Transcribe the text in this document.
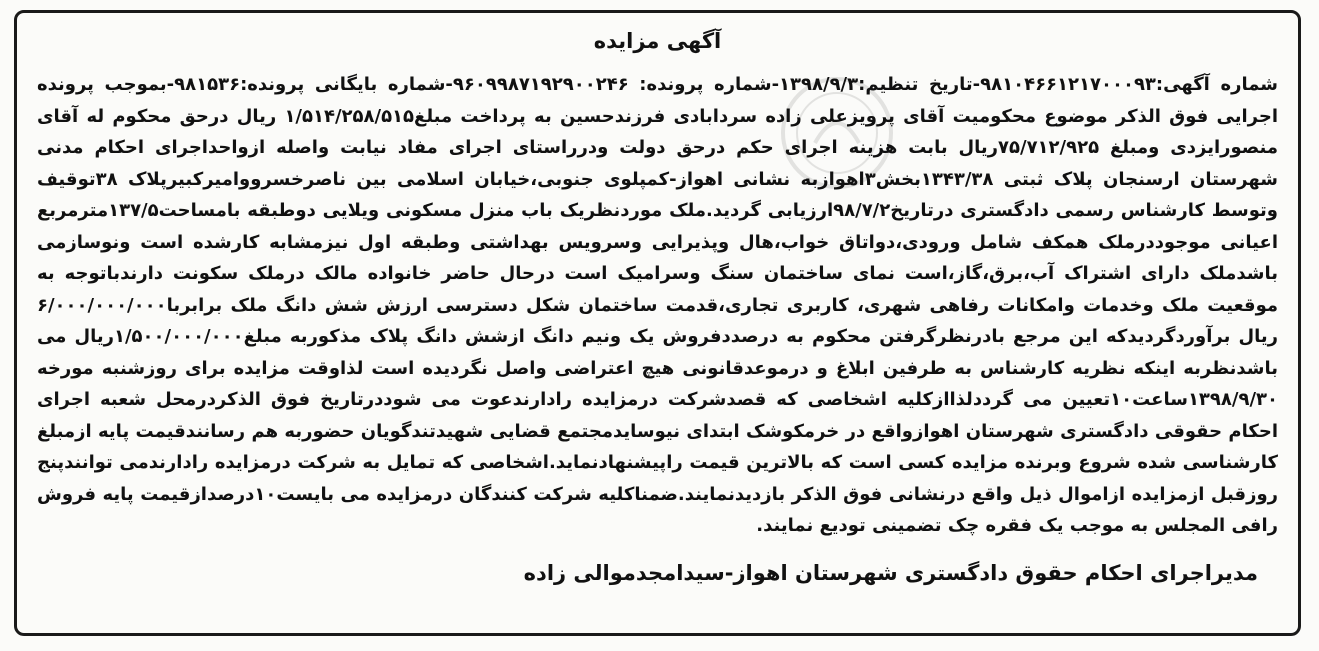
آگهی مزایده

شماره آگهی:۹۸۱۰۴۶۶۱۲۱۷۰۰۰۹۳-تاریخ تنظیم:۱۳۹۸/۹/۳-شماره پرونده: ۹۶۰۹۹۸۷۱۹۲۹۰۰۲۴۶-شماره بایگانی پرونده:۹۸۱۵۳۶-بموجب پرونده اجرایی فوق الذکر موضوع محکومیت آقای پرویزعلی زاده سردابادی فرزندحسین به پرداخت مبلغ۱/۵۱۴/۲۵۸/۵۱۵ ریال درحق محکوم له آقای منصورایزدی ومبلغ ۷۵/۷۱۲/۹۲۵ریال بابت هزینه اجرای حکم درحق دولت ودرراستای اجرای مفاد نیابت واصله ازواحداجرای احکام مدنی شهرستان ارسنجان پلاک ثبتی ۱۳۴۳/۳۸بخش۳اهوازبه نشانی اهواز-کمپلوی جنوبی،خیابان اسلامی بین ناصرخسروواميرکبيرپلاک ۳۸توقیف وتوسط کارشناس رسمی دادگستری درتاریخ۹۸/۷/۲ارزیابی گردید.ملک موردنظریک باب منزل مسکونی ویلایی دوطبقه بامساحت۱۳۷/۵مترمربع اعیانی موجوددرملک همکف شامل ورودی،دواتاق خواب،هال وپذیرایی وسرویس بهداشتی وطبقه اول نیزمشابه کارشده است ونوسازمی باشدملک دارای اشتراک آب،برق،گاز،است نمای ساختمان سنگ وسرامیک است درحال حاضر خانواده مالک درملک سکونت دارندباتوجه به موقعیت ملک وخدمات وامکانات رفاهی شهری، کاربری تجاری،قدمت ساختمان شکل دسترسی ارزش شش دانگ ملک برابربا۶/۰۰۰/۰۰۰/۰۰۰ ریال برآوردگردیدکه این مرجع بادرنظرگرفتن محکوم به درصددفروش یک ونیم دانگ ازشش دانگ پلاک مذکوربه مبلغ۱/۵۰۰/۰۰۰/۰۰۰ریال می باشدنظربه اینکه نظریه کارشناس به طرفین ابلاغ و درموعدقانونی هیچ اعتراضی واصل نگردیده است لذاوقت مزایده برای روزشنبه مورخه ۱۳۹۸/۹/۳۰ساعت۱۰تعیین می گرددلذاازکلیه اشخاصی که قصدشرکت درمزایده رادارندعوت می شوددرتاریخ فوق الذکردرمحل شعبه اجرای احکام حقوقی دادگستری شهرستان اهوازواقع در خرمکوشک ابتدای نیوسایدمجتمع قضایی شهیدتندگویان حضوربه هم رسانندقیمت پایه ازمبلغ کارشناسی شده شروع وبرنده مزایده کسی است که بالاترین قیمت راپیشنهادنماید.اشخاصی که تمایل به شرکت درمزایده رادارندمی توانندپنج روزقبل ازمزایده ازاموال ذیل واقع درنشانی فوق الذکر بازدیدنمایند.ضمناکلیه شرکت کنندگان درمزایده می بایست۱۰درصدازقیمت پایه فروش رافی المجلس به موجب یک فقره چک تضمینی تودیع نمایند.

مدیراجرای احکام حقوق دادگستری شهرستان اهواز-سیدامجدموالی زاده
